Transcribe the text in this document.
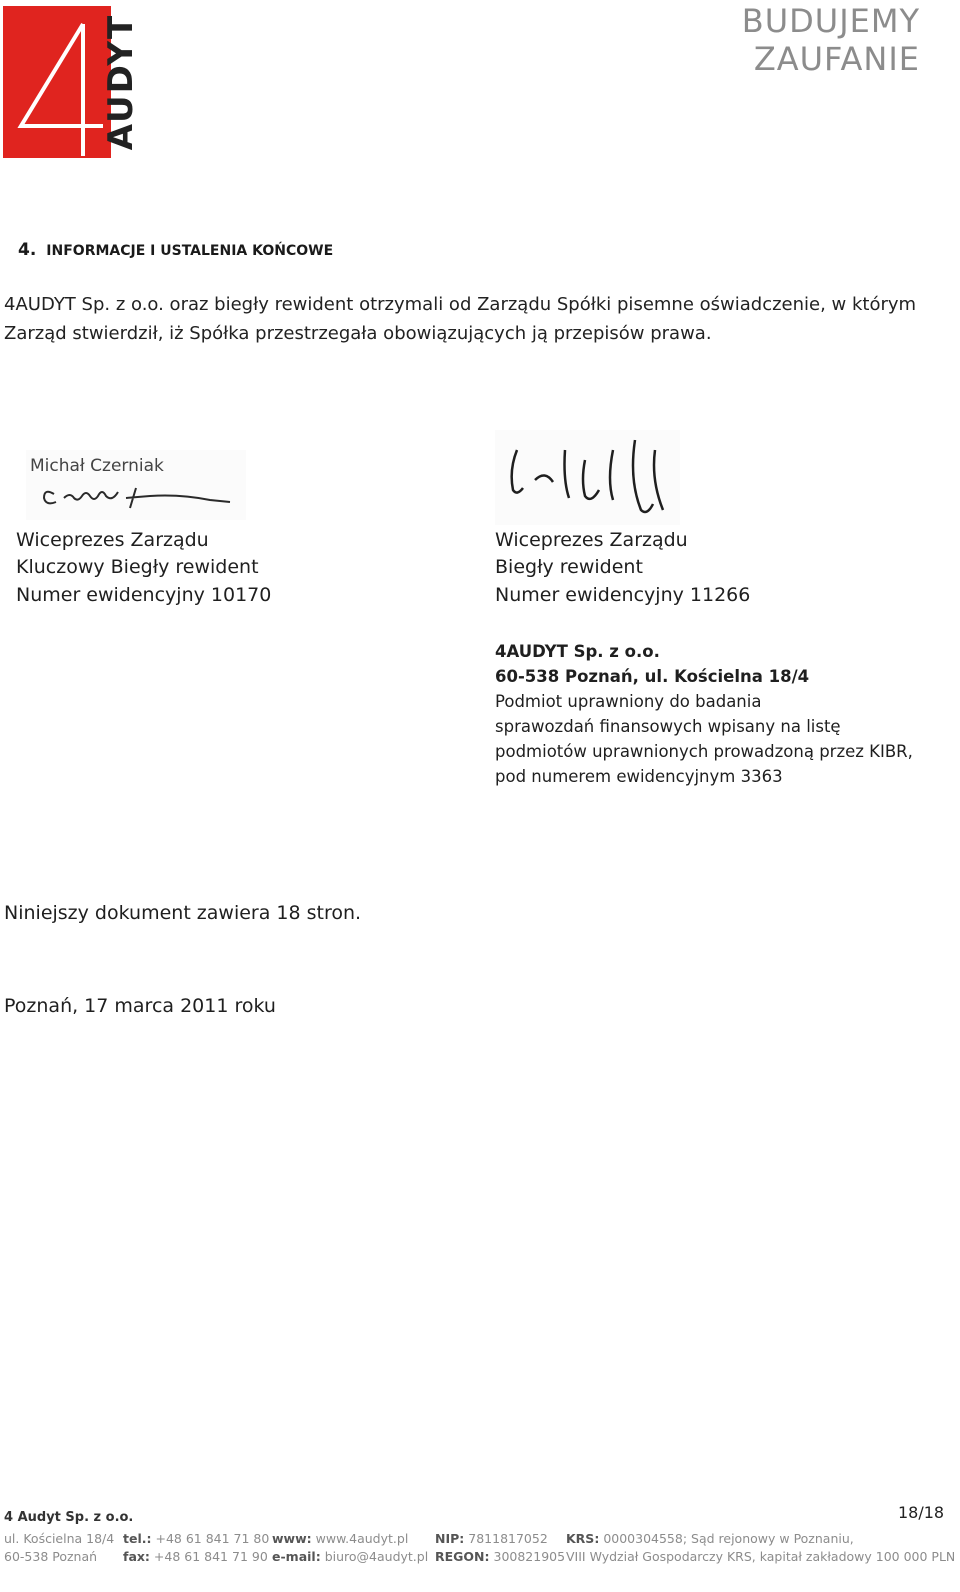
AUDYT	BUDUJEMY ZAUFANIE
4. INFORMACJE I USTALENIA KOŃCOWE
4AUDYT Sp. z o.o. oraz biegły rewident otrzymali od Zarządu Spółki pisemne oświadczenie, w którym Zarząd stwierdził, iż Spółka przestrzegała obowiązujących ją przepisów prawa.
Michał Czerniak
Wiceprezes Zarządu
Kluczowy Biegły rewident
Numer ewidencyjny 10170
Wiceprezes Zarządu
Biegły rewident
Numer ewidencyjny 11266
4AUDYT Sp. z o.o.
60-538 Poznań, ul. Kościelna 18/4
Podmiot uprawniony do badania
sprawozdań finansowych wpisany na listę
podmiotów uprawnionych prowadzoną przez KIBR,
pod numerem ewidencyjnym 3363
Niniejszy dokument zawiera 18 stron.
Poznań, 17 marca 2011 roku
4 Audyt Sp. z o.o.	18/18
ul. Kościelna 18/4
60-538 Poznań
tel.: +48 61 841 71 80
fax: +48 61 841 71 90
www: www.4audyt.pl
e-mail: biuro@4audyt.pl
NIP: 7811817052
REGON: 300821905
KRS: 0000304558; Sąd rejonowy w Poznaniu,
VIII Wydział Gospodarczy KRS, kapitał zakładowy 100 000 PLN
